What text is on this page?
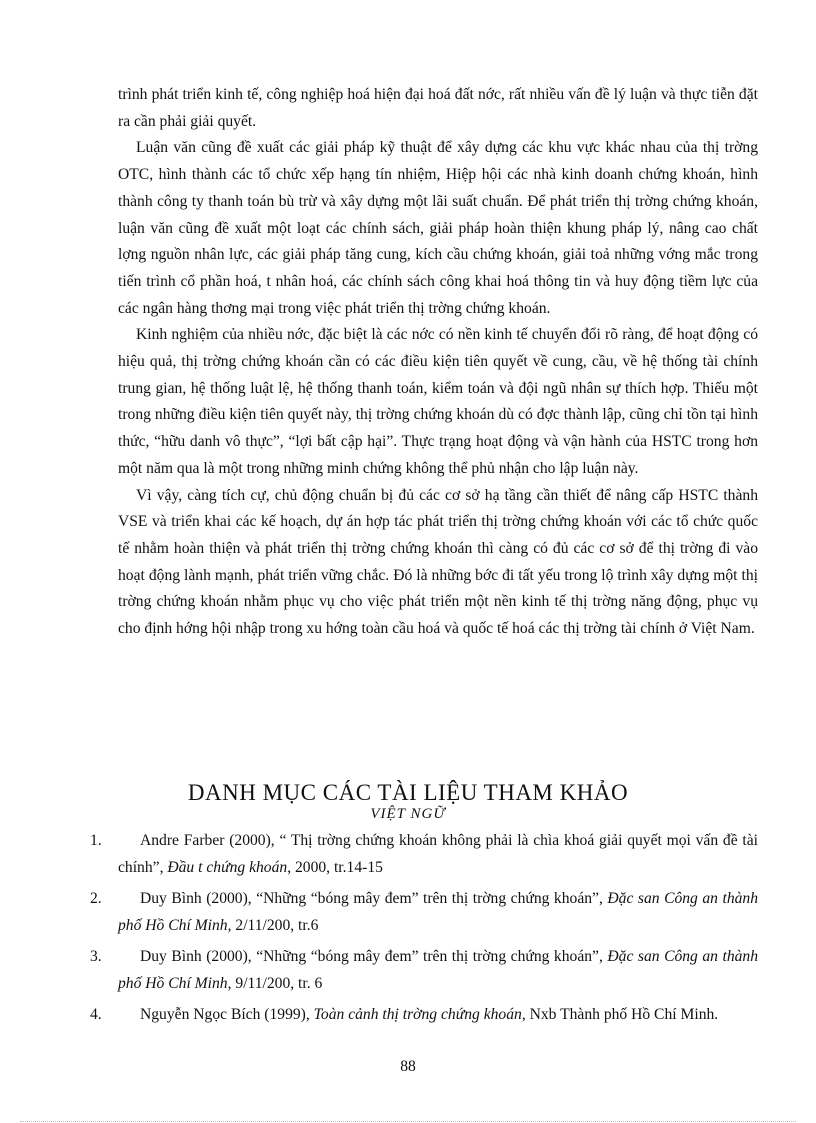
trình phát triển kinh tế, công nghiệp hoá hiện đại hoá đất nớc, rất nhiều vấn đề lý luận và thực tiễn đặt ra cần phải giải quyết.

Luận văn cũng đề xuất các giải pháp kỹ thuật để xây dựng các khu vực khác nhau của thị trờng OTC, hình thành các tổ chức xếp hạng tín nhiệm, Hiệp hội các nhà kinh doanh chứng khoán, hình thành công ty thanh toán bù trừ và xây dựng một lãi suất chuẩn. Để phát triển thị trờng chứng khoán, luận văn cũng đề xuất một loạt các chính sách, giải pháp hoàn thiện khung pháp lý, nâng cao chất lợng nguồn nhân lực, các giải pháp tăng cung, kích cầu chứng khoán, giải toả những vớng mắc trong tiến trình cổ phần hoá, t nhân hoá, các chính sách công khai hoá thông tin và huy động tiềm lực của các ngân hàng thơng mại trong việc phát triển thị trờng chứng khoán.

Kinh nghiệm của nhiều nớc, đặc biệt là các nớc có nền kinh tế chuyển đổi rõ ràng, để hoạt động có hiệu quả, thị trờng chứng khoán cần có các điều kiện tiên quyết về cung, cầu, về hệ thống tài chính trung gian, hệ thống luật lệ, hệ thống thanh toán, kiểm toán và đội ngũ nhân sự thích hợp. Thiếu một trong những điều kiện tiên quyết này, thị trờng chứng khoán dù có đợc thành lập, cũng chỉ tồn tại hình thức, “hữu danh vô thực”, “lợi bất cập hại”. Thực trạng hoạt động và vận hành của HSTC trong hơn một năm qua là một trong những minh chứng không thể phủ nhận cho lập luận này.

Vì vậy, càng tích cự, chủ động chuẩn bị đủ các cơ sở hạ tầng cần thiết để nâng cấp HSTC thành VSE và triển khai các kế hoạch, dự án hợp tác phát triển thị trờng chứng khoán với các tổ chức quốc tế nhằm hoàn thiện và phát triển thị trờng chứng khoán thì càng có đủ các cơ sở để thị trờng đi vào hoạt động lành mạnh, phát triển vững chắc. Đó là những bớc đi tất yếu trong lộ trình xây dựng một thị trờng chứng khoán nhằm phục vụ cho việc phát triển một nền kinh tế thị trờng năng động, phục vụ cho định hớng hội nhập trong xu hớng toàn cầu hoá và quốc tế hoá các thị trờng tài chính ở Việt Nam.

DANH MỤC CÁC TÀI LIỆU THAM KHẢO
VIỆT NGỮ
1.	Andre Farber (2000), “ Thị trờng chứng khoán không phải là chìa khoá giải quyết mọi vấn đề tài chính”, Đầu t chứng khoán, 2000, tr.14-15
2.	Duy Bình (2000), “Những “bóng mây đem” trên thị trờng chứng khoán”, Đặc san Công an thành phố Hồ Chí Minh, 2/11/200, tr.6
3.	Duy Bình (2000), “Những “bóng mây đem” trên thị trờng chứng khoán”, Đặc san Công an thành phố Hồ Chí Minh, 9/11/200, tr. 6
4.	Nguyễn Ngọc Bích (1999), Toàn cảnh thị trờng chứng khoán, Nxb Thành phố Hồ Chí Minh.
88
